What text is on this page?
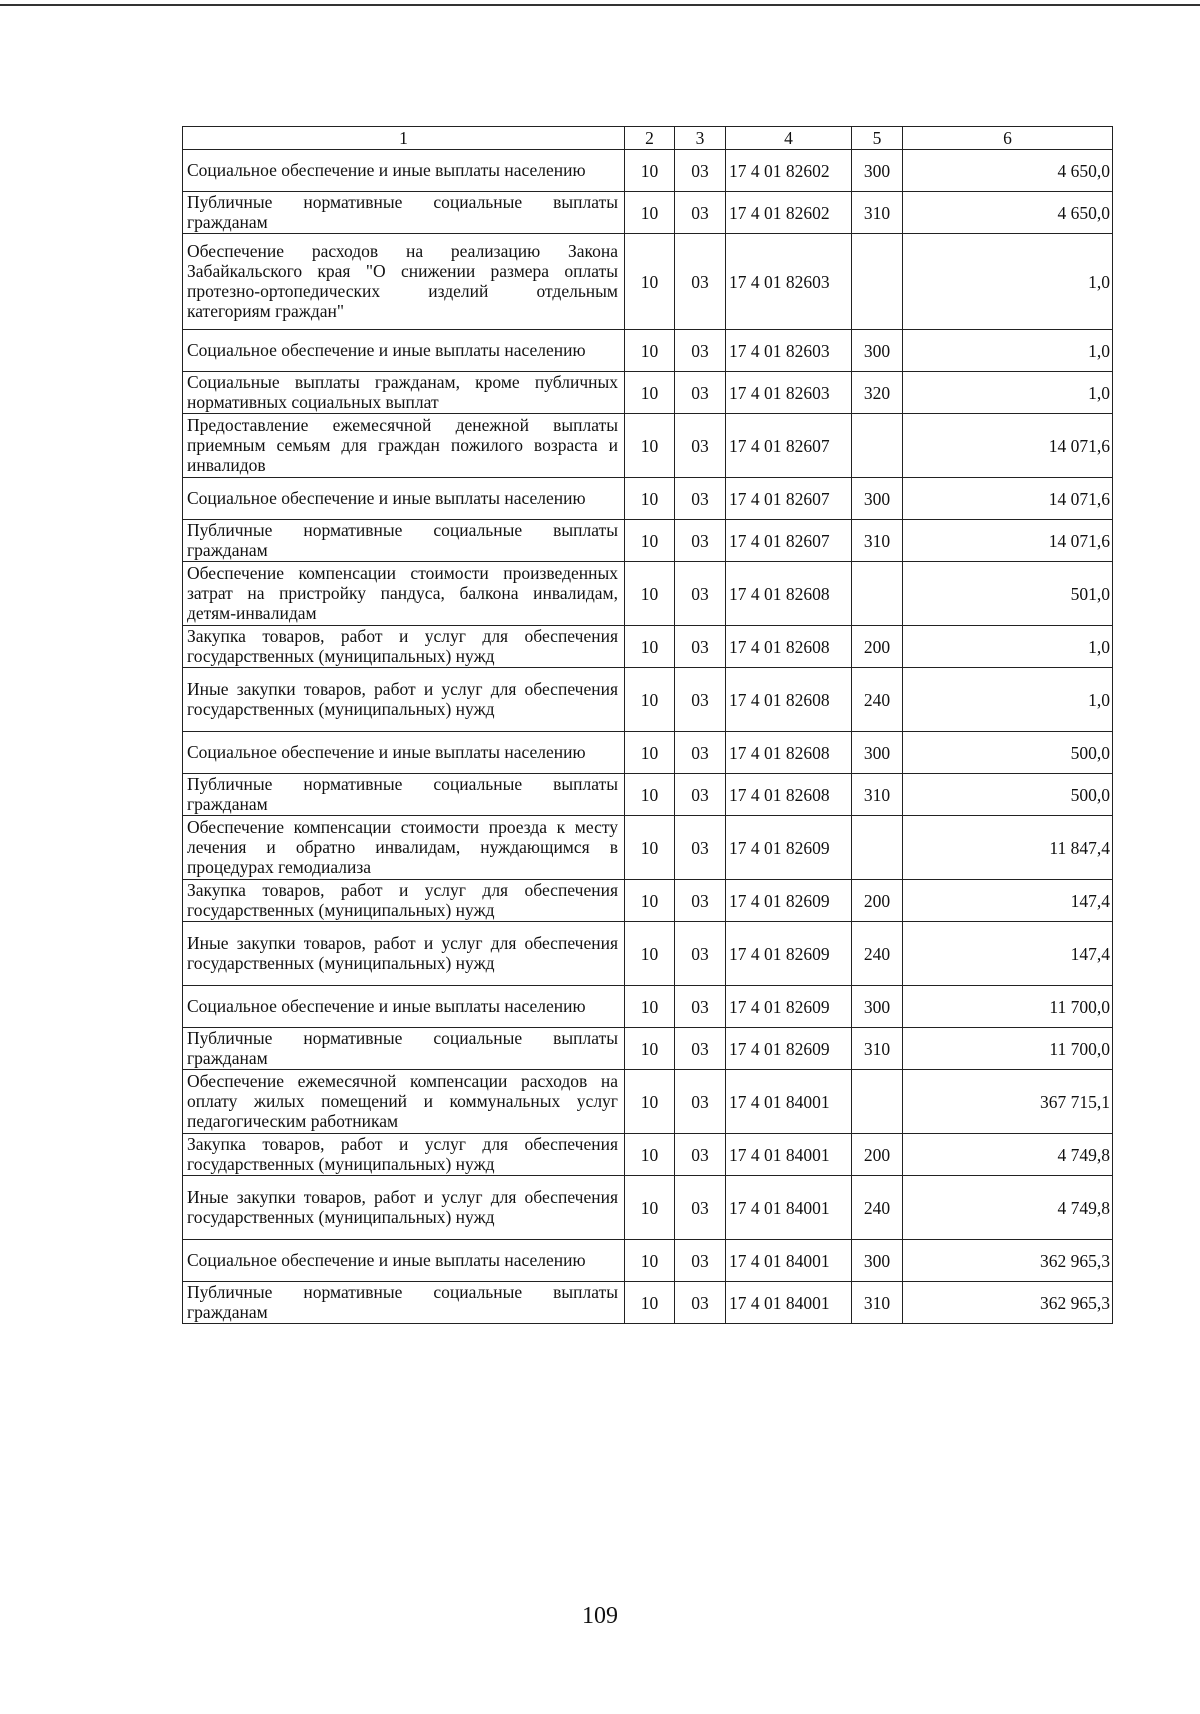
1	2	3	4	5	6
Социальное обеспечение и иные выплаты населению	10	03	17 4 01 82602	300	4 650,0
Публичные нормативные социальные выплаты гражданам	10	03	17 4 01 82602	310	4 650,0
Обеспечение расходов на реализацию Закона Забайкальского края "О снижении размера оплаты протезно-ортопедических изделий отдельным категориям граждан"	10	03	17 4 01 82603		1,0
Социальное обеспечение и иные выплаты населению	10	03	17 4 01 82603	300	1,0
Социальные выплаты гражданам, кроме публичных нормативных социальных выплат	10	03	17 4 01 82603	320	1,0
Предоставление ежемесячной денежной выплаты приемным семьям для граждан пожилого возраста и инвалидов	10	03	17 4 01 82607		14 071,6
Социальное обеспечение и иные выплаты населению	10	03	17 4 01 82607	300	14 071,6
Публичные нормативные социальные выплаты гражданам	10	03	17 4 01 82607	310	14 071,6
Обеспечение компенсации стоимости произведенных затрат на пристройку пандуса, балкона инвалидам, детям-инвалидам	10	03	17 4 01 82608		501,0
Закупка товаров, работ и услуг для обеспечения государственных (муниципальных) нужд	10	03	17 4 01 82608	200	1,0
Иные закупки товаров, работ и услуг для обеспечения государственных (муниципальных) нужд	10	03	17 4 01 82608	240	1,0
Социальное обеспечение и иные выплаты населению	10	03	17 4 01 82608	300	500,0
Публичные нормативные социальные выплаты гражданам	10	03	17 4 01 82608	310	500,0
Обеспечение компенсации стоимости проезда к месту лечения и обратно инвалидам, нуждающимся в процедурах гемодиализа	10	03	17 4 01 82609		11 847,4
Закупка товаров, работ и услуг для обеспечения государственных (муниципальных) нужд	10	03	17 4 01 82609	200	147,4
Иные закупки товаров, работ и услуг для обеспечения государственных (муниципальных) нужд	10	03	17 4 01 82609	240	147,4
Социальное обеспечение и иные выплаты населению	10	03	17 4 01 82609	300	11 700,0
Публичные нормативные социальные выплаты гражданам	10	03	17 4 01 82609	310	11 700,0
Обеспечение ежемесячной компенсации расходов на оплату жилых помещений и коммунальных услуг педагогическим работникам	10	03	17 4 01 84001		367 715,1
Закупка товаров, работ и услуг для обеспечения государственных (муниципальных) нужд	10	03	17 4 01 84001	200	4 749,8
Иные закупки товаров, работ и услуг для обеспечения государственных (муниципальных) нужд	10	03	17 4 01 84001	240	4 749,8
Социальное обеспечение и иные выплаты населению	10	03	17 4 01 84001	300	362 965,3
Публичные нормативные социальные выплаты гражданам	10	03	17 4 01 84001	310	362 965,3
109
